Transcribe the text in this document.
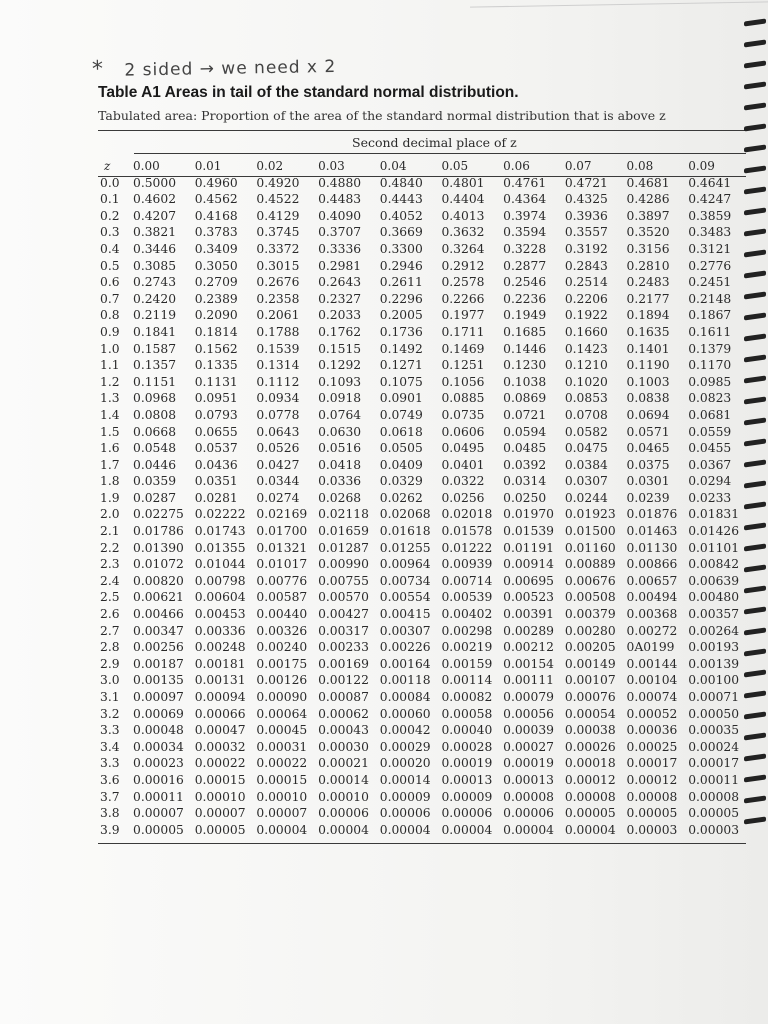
* 2 sided → we need x 2
Table A1 Areas in tail of the standard normal distribution.
Tabulated area: Proportion of the area of the standard normal distribution that is above z
Second decimal place of z
z	0.00	0.01	0.02	0.03	0.04	0.05	0.06	0.07	0.08	0.09
0.0	0.5000	0.4960	0.4920	0.4880	0.4840	0.4801	0.4761	0.4721	0.4681	0.4641
0.1	0.4602	0.4562	0.4522	0.4483	0.4443	0.4404	0.4364	0.4325	0.4286	0.4247
0.2	0.4207	0.4168	0.4129	0.4090	0.4052	0.4013	0.3974	0.3936	0.3897	0.3859
0.3	0.3821	0.3783	0.3745	0.3707	0.3669	0.3632	0.3594	0.3557	0.3520	0.3483
0.4	0.3446	0.3409	0.3372	0.3336	0.3300	0.3264	0.3228	0.3192	0.3156	0.3121
0.5	0.3085	0.3050	0.3015	0.2981	0.2946	0.2912	0.2877	0.2843	0.2810	0.2776
0.6	0.2743	0.2709	0.2676	0.2643	0.2611	0.2578	0.2546	0.2514	0.2483	0.2451
0.7	0.2420	0.2389	0.2358	0.2327	0.2296	0.2266	0.2236	0.2206	0.2177	0.2148
0.8	0.2119	0.2090	0.2061	0.2033	0.2005	0.1977	0.1949	0.1922	0.1894	0.1867
0.9	0.1841	0.1814	0.1788	0.1762	0.1736	0.1711	0.1685	0.1660	0.1635	0.1611
1.0	0.1587	0.1562	0.1539	0.1515	0.1492	0.1469	0.1446	0.1423	0.1401	0.1379
1.1	0.1357	0.1335	0.1314	0.1292	0.1271	0.1251	0.1230	0.1210	0.1190	0.1170
1.2	0.1151	0.1131	0.1112	0.1093	0.1075	0.1056	0.1038	0.1020	0.1003	0.0985
1.3	0.0968	0.0951	0.0934	0.0918	0.0901	0.0885	0.0869	0.0853	0.0838	0.0823
1.4	0.0808	0.0793	0.0778	0.0764	0.0749	0.0735	0.0721	0.0708	0.0694	0.0681
1.5	0.0668	0.0655	0.0643	0.0630	0.0618	0.0606	0.0594	0.0582	0.0571	0.0559
1.6	0.0548	0.0537	0.0526	0.0516	0.0505	0.0495	0.0485	0.0475	0.0465	0.0455
1.7	0.0446	0.0436	0.0427	0.0418	0.0409	0.0401	0.0392	0.0384	0.0375	0.0367
1.8	0.0359	0.0351	0.0344	0.0336	0.0329	0.0322	0.0314	0.0307	0.0301	0.0294
1.9	0.0287	0.0281	0.0274	0.0268	0.0262	0.0256	0.0250	0.0244	0.0239	0.0233
2.0	0.02275 0.02222 0.02169 0.02118 0.02068 0.02018 0.01970 0.01923 0.01876 0.01831
2.1	0.01786 0.01743 0.01700 0.01659 0.01618 0.01578 0.01539 0.01500 0.01463 0.01426
2.2	0.01390 0.01355 0.01321 0.01287 0.01255 0.01222 0.01191 0.01160 0.01130 0.01101
2.3	0.01072 0.01044 0.01017 0.00990 0.00964 0.00939 0.00914 0.00889 0.00866 0.00842
2.4	0.00820 0.00798 0.00776 0.00755 0.00734 0.00714 0.00695 0.00676 0.00657 0.00639
2.5	0.00621 0.00604 0.00587 0.00570 0.00554 0.00539 0.00523 0.00508 0.00494 0.00480
2.6	0.00466 0.00453 0.00440 0.00427 0.00415 0.00402 0.00391 0.00379 0.00368 0.00357
2.7	0.00347 0.00336 0.00326 0.00317 0.00307 0.00298 0.00289 0.00280 0.00272 0.00264
2.8	0.00256 0.00248 0.00240 0.00233 0.00226 0.00219 0.00212 0.00205 0A0199	0.00193
2.9	0.00187 0.00181 0.00175 0.00169 0.00164 0.00159 0.00154 0.00149 0.00144 0.00139
3.0	0.00135 0.00131 0.00126 0.00122 0.00118 0.00114 0.00111 0.00107 0.00104 0.00100
3.1	0.00097 0.00094 0.00090 0.00087 0.00084 0.00082 0.00079 0.00076 0.00074 0.00071
3.2	0.00069 0.00066 0.00064 0.00062 0.00060 0.00058 0.00056 0.00054 0.00052 0.00050
3.3	0.00048 0.00047 0.00045 0.00043 0.00042 0.00040 0.00039 0.00038 0.00036 0.00035
3.4	0.00034 0.00032 0.00031 0.00030 0.00029 0.00028 0.00027 0.00026 0.00025 0.00024
3.3	0.00023 0.00022 0.00022 0.00021 0.00020 0.00019 0.00019 0.00018 0.00017 0.00017
3.6	0.00016 0.00015 0.00015 0.00014 0.00014 0.00013 0.00013 0.00012 0.00012 0.00011
3.7	0.00011 0.00010 0.00010 0.00010 0.00009 0.00009 0.00008 0.00008 0.00008 0.00008
3.8	0.00007 0.00007 0.00007 0.00006 0.00006 0.00006 0.00006 0.00005 0.00005 0.00005
3.9	0.00005 0.00005 0.00004 0.00004 0.00004 0.00004 0.00004 0.00004 0.00003 0.00003
